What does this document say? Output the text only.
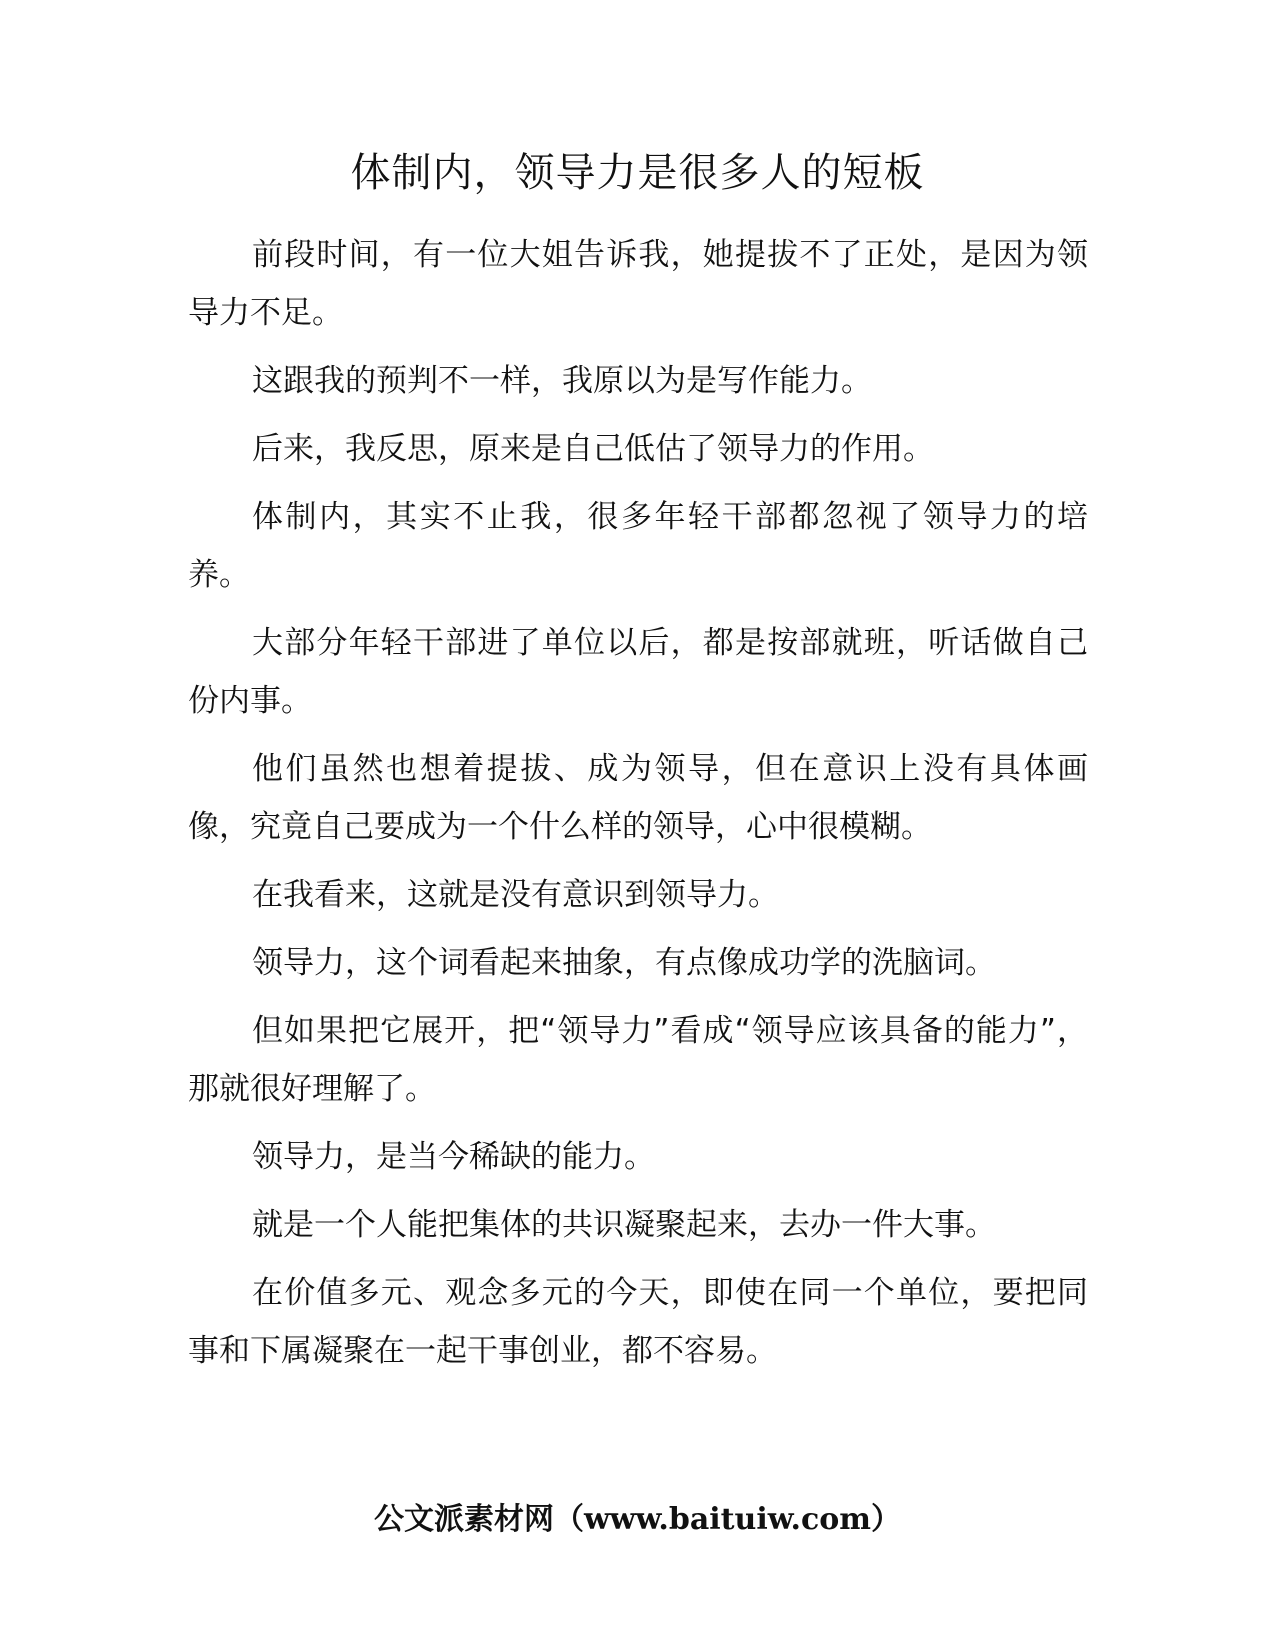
体制内，领导力是很多人的短板

前段时间，有一位大姐告诉我，她提拔不了正处，是因为领导力不足。

这跟我的预判不一样，我原以为是写作能力。

后来，我反思，原来是自己低估了领导力的作用。

体制内，其实不止我，很多年轻干部都忽视了领导力的培养。

大部分年轻干部进了单位以后，都是按部就班，听话做自己份内事。

他们虽然也想着提拔、成为领导，但在意识上没有具体画像，究竟自己要成为一个什么样的领导，心中很模糊。

在我看来，这就是没有意识到领导力。

领导力，这个词看起来抽象，有点像成功学的洗脑词。

但如果把它展开，把“领导力”看成“领导应该具备的能力”，那就很好理解了。

领导力，是当今稀缺的能力。

就是一个人能把集体的共识凝聚起来，去办一件大事。

在价值多元、观念多元的今天，即使在同一个单位，要把同事和下属凝聚在一起干事创业，都不容易。

公文派素材网（www.baituiw.com）
